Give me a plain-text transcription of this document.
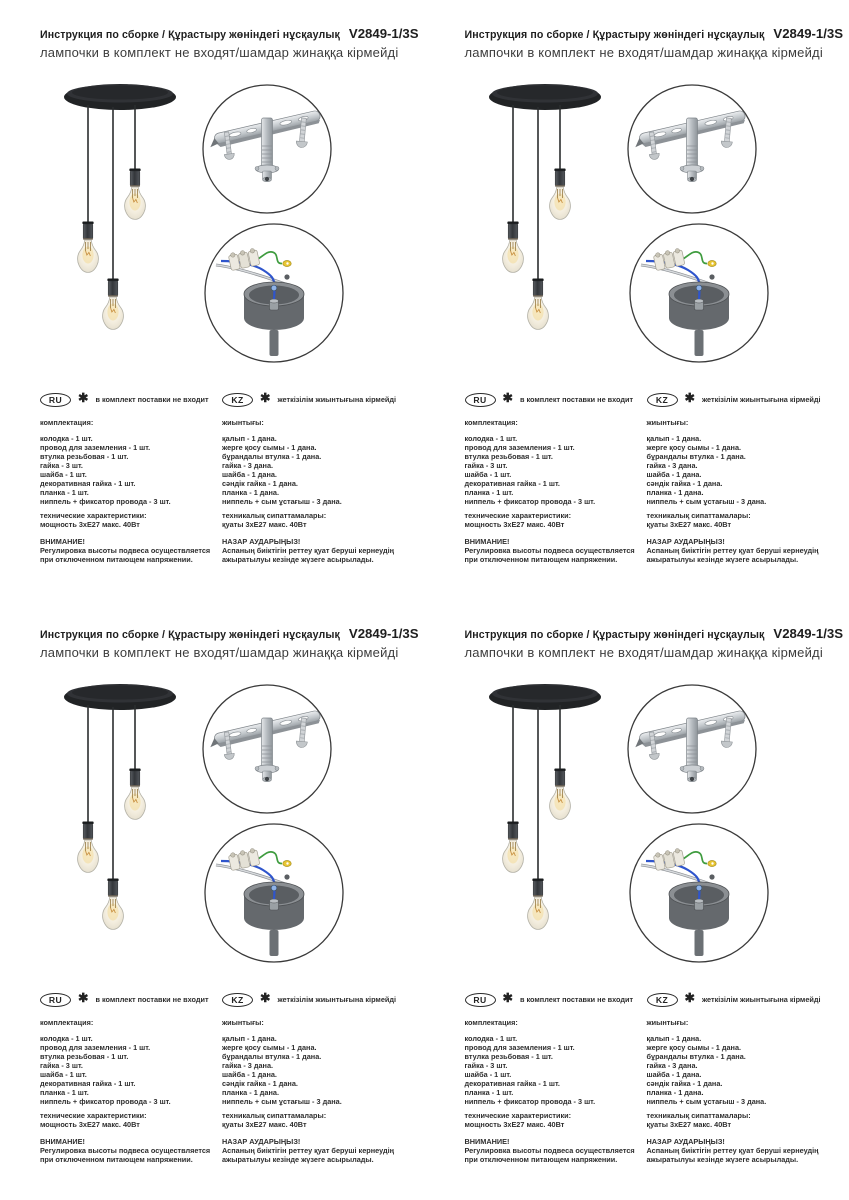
Инструкция по сборке / Құрастыру жөніндегі нұсқаулық V2849-1/3S
лампочки в комплект не входят/шамдар жинаққа кірмейді
RU	✱ в комплект поставки не входит
комплектация:
колодка - 1 шт.
провод для заземления - 1 шт.
втулка резьбовая - 1 шт.
гайка - 3 шт.
шайба - 1 шт.
декоративная гайка - 1 шт.
планка - 1 шт.
ниппель + фиксатор провода - 3 шт.
технические характеристики:
мощность 3хЕ27 макс. 40Вт
ВНИМАНИЕ!
Регулировка высоты подвеса осуществляется при отключенном питающем напряжении.
KZ	✱ жеткізілім жиынтығына кірмейді
жиынтығы:
қалып - 1 дана.
жерге қосу сымы - 1 дана.
бұрандалы втулка - 1 дана.
гайка - 3 дана.
шайба - 1 дана.
сәндік гайка - 1 дана.
планка - 1 дана.
ниппель + сым ұстағыш - 3 дана.
техникалық сипаттамалары:
қуаты 3хЕ27 макс. 40Вт
НАЗАР АУДАРЫҢЫЗ!
Аспаның биіктігін реттеу қуат беруші кернеудің ажыратылуы кезінде жүзеге асырылады.
Инструкция по сборке / Құрастыру жөніндегі нұсқаулық V2849-1/3S
лампочки в комплект не входят/шамдар жинаққа кірмейді
RU	✱ в комплект поставки не входит
комплектация:
колодка - 1 шт.
провод для заземления - 1 шт.
втулка резьбовая - 1 шт.
гайка - 3 шт.
шайба - 1 шт.
декоративная гайка - 1 шт.
планка - 1 шт.
ниппель + фиксатор провода - 3 шт.
технические характеристики:
мощность 3хЕ27 макс. 40Вт
ВНИМАНИЕ!
Регулировка высоты подвеса осуществляется при отключенном питающем напряжении.
KZ	✱ жеткізілім жиынтығына кірмейді
жиынтығы:
қалып - 1 дана.
жерге қосу сымы - 1 дана.
бұрандалы втулка - 1 дана.
гайка - 3 дана.
шайба - 1 дана.
сәндік гайка - 1 дана.
планка - 1 дана.
ниппель + сым ұстағыш - 3 дана.
техникалық сипаттамалары:
қуаты 3хЕ27 макс. 40Вт
НАЗАР АУДАРЫҢЫЗ!
Аспаның биіктігін реттеу қуат беруші кернеудің ажыратылуы кезінде жүзеге асырылады.
Инструкция по сборке / Құрастыру жөніндегі нұсқаулық V2849-1/3S
лампочки в комплект не входят/шамдар жинаққа кірмейді
RU	✱ в комплект поставки не входит
комплектация:
колодка - 1 шт.
провод для заземления - 1 шт.
втулка резьбовая - 1 шт.
гайка - 3 шт.
шайба - 1 шт.
декоративная гайка - 1 шт.
планка - 1 шт.
ниппель + фиксатор провода - 3 шт.
технические характеристики:
мощность 3хЕ27 макс. 40Вт
ВНИМАНИЕ!
Регулировка высоты подвеса осуществляется при отключенном питающем напряжении.
KZ	✱ жеткізілім жиынтығына кірмейді
жиынтығы:
қалып - 1 дана.
жерге қосу сымы - 1 дана.
бұрандалы втулка - 1 дана.
гайка - 3 дана.
шайба - 1 дана.
сәндік гайка - 1 дана.
планка - 1 дана.
ниппель + сым ұстағыш - 3 дана.
техникалық сипаттамалары:
қуаты 3хЕ27 макс. 40Вт
НАЗАР АУДАРЫҢЫЗ!
Аспаның биіктігін реттеу қуат беруші кернеудің ажыратылуы кезінде жүзеге асырылады.
Инструкция по сборке / Құрастыру жөніндегі нұсқаулық V2849-1/3S
лампочки в комплект не входят/шамдар жинаққа кірмейді
RU	✱ в комплект поставки не входит
комплектация:
колодка - 1 шт.
провод для заземления - 1 шт.
втулка резьбовая - 1 шт.
гайка - 3 шт.
шайба - 1 шт.
декоративная гайка - 1 шт.
планка - 1 шт.
ниппель + фиксатор провода - 3 шт.
технические характеристики:
мощность 3хЕ27 макс. 40Вт
ВНИМАНИЕ!
Регулировка высоты подвеса осуществляется при отключенном питающем напряжении.
KZ	✱ жеткізілім жиынтығына кірмейді
жиынтығы:
қалып - 1 дана.
жерге қосу сымы - 1 дана.
бұрандалы втулка - 1 дана.
гайка - 3 дана.
шайба - 1 дана.
сәндік гайка - 1 дана.
планка - 1 дана.
ниппель + сым ұстағыш - 3 дана.
техникалық сипаттамалары:
қуаты 3хЕ27 макс. 40Вт
НАЗАР АУДАРЫҢЫЗ!
Аспаның биіктігін реттеу қуат беруші кернеудің ажыратылуы кезінде жүзеге асырылады.
